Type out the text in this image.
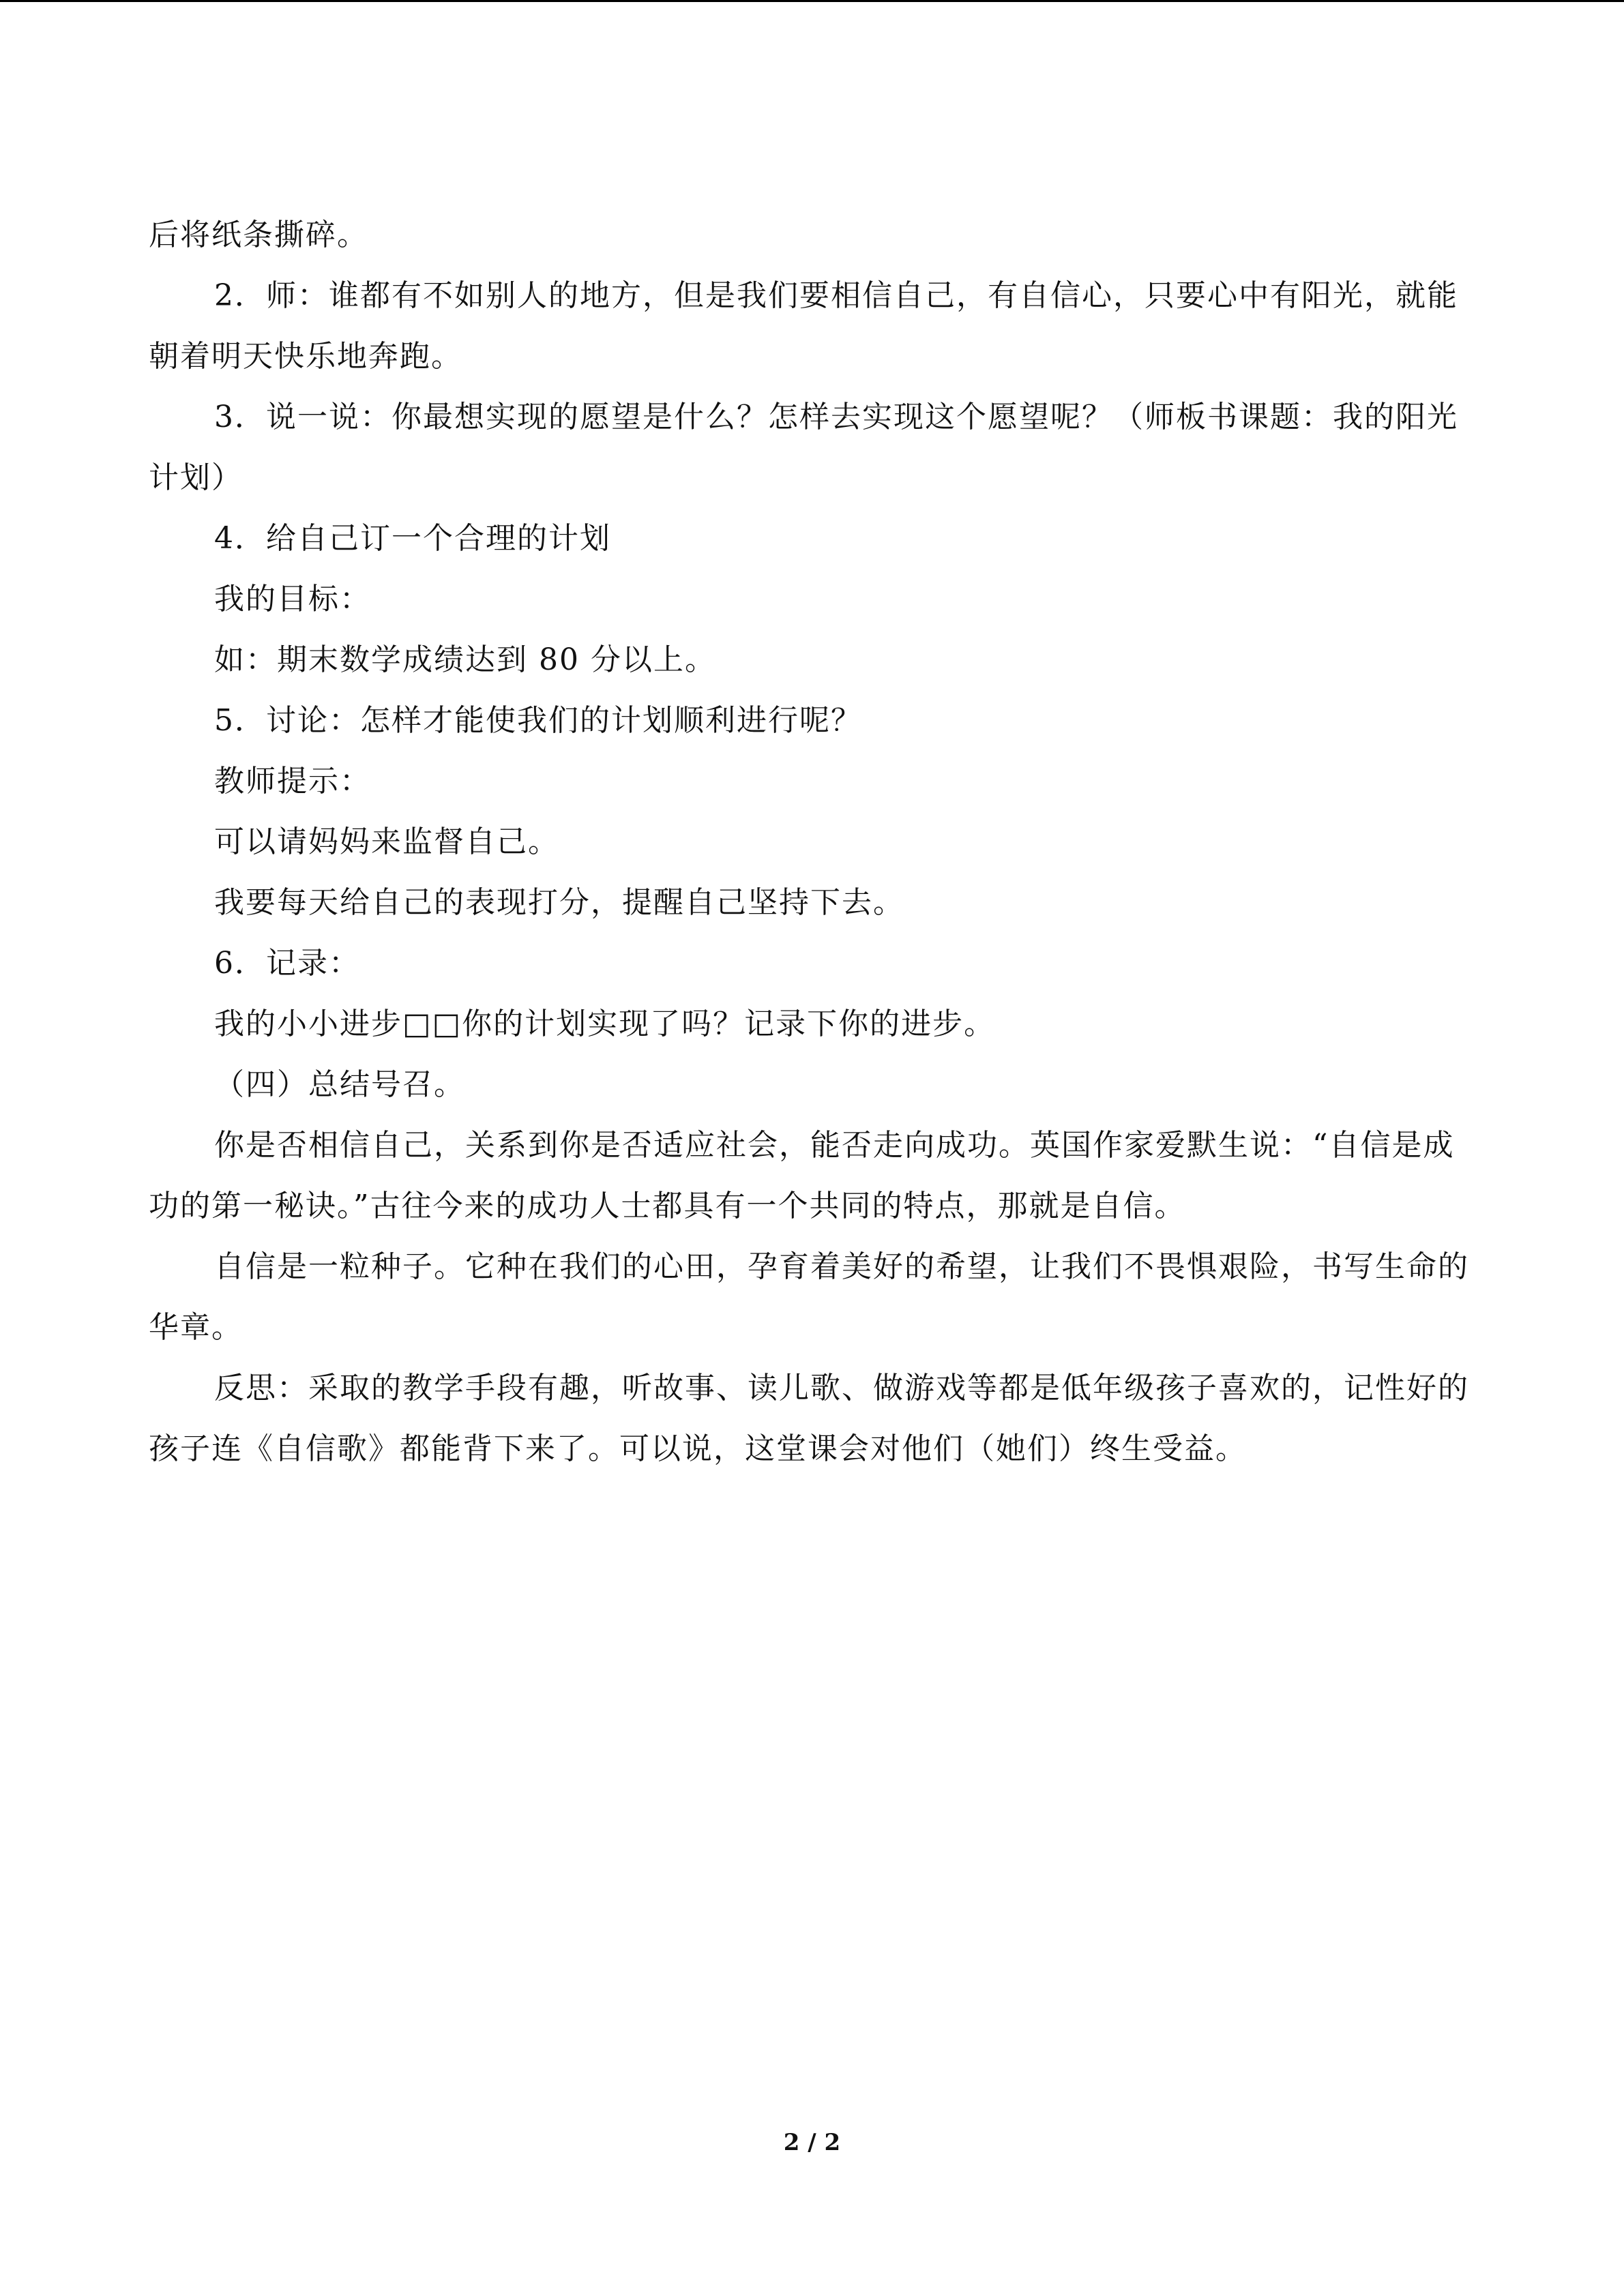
后将纸条撕碎。

2．师：谁都有不如别人的地方，但是我们要相信自己，有自信心，只要心中有阳光，就能朝着明天快乐地奔跑。

3．说一说：你最想实现的愿望是什么？怎样去实现这个愿望呢？（师板书课题：我的阳光计划）

4．给自己订一个合理的计划

我的目标：

如：期末数学成绩达到 80 分以上。

5．讨论：怎样才能使我们的计划顺利进行呢？

教师提示：

可以请妈妈来监督自己。

我要每天给自己的表现打分，提醒自己坚持下去。

6．记录：

我的小小进步□□你的计划实现了吗？记录下你的进步。

（四）总结号召。

你是否相信自己，关系到你是否适应社会，能否走向成功。英国作家爱默生说：“自信是成功的第一秘诀。”古往今来的成功人士都具有一个共同的特点，那就是自信。

自信是一粒种子。它种在我们的心田，孕育着美好的希望，让我们不畏惧艰险，书写生命的华章。

反思：采取的教学手段有趣，听故事、读儿歌、做游戏等都是低年级孩子喜欢的，记性好的孩子连《自信歌》都能背下来了。可以说，这堂课会对他们（她们）终生受益。

2 / 2
